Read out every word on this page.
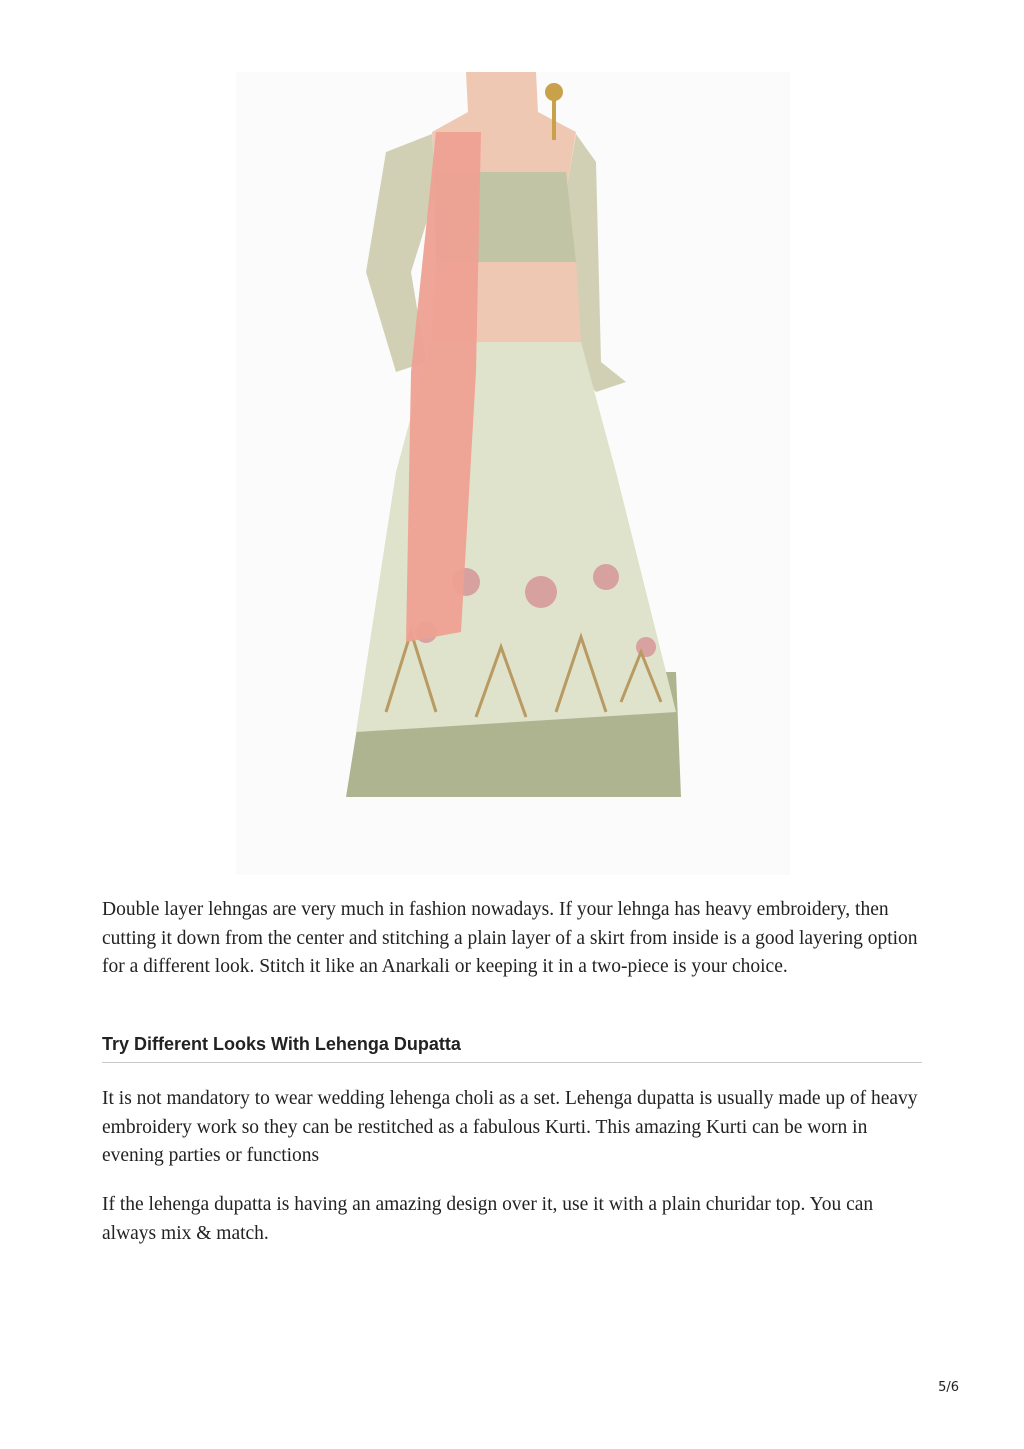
Double layer lehngas are very much in fashion nowadays. If your lehnga has heavy embroidery, then cutting it down from the center and stitching a plain layer of a skirt from inside is a good layering option for a different look. Stitch it like an Anarkali or keeping it in a two-piece is your choice.

Try Different Looks With Lehenga Dupatta

It is not mandatory to wear wedding lehenga choli as a set. Lehenga dupatta is usually made up of heavy embroidery work so they can be restitched as a fabulous Kurti. This amazing Kurti can be worn in evening parties or functions

If the lehenga dupatta is having an amazing design over it, use it with a plain churidar top. You can always mix & match.

5/6
